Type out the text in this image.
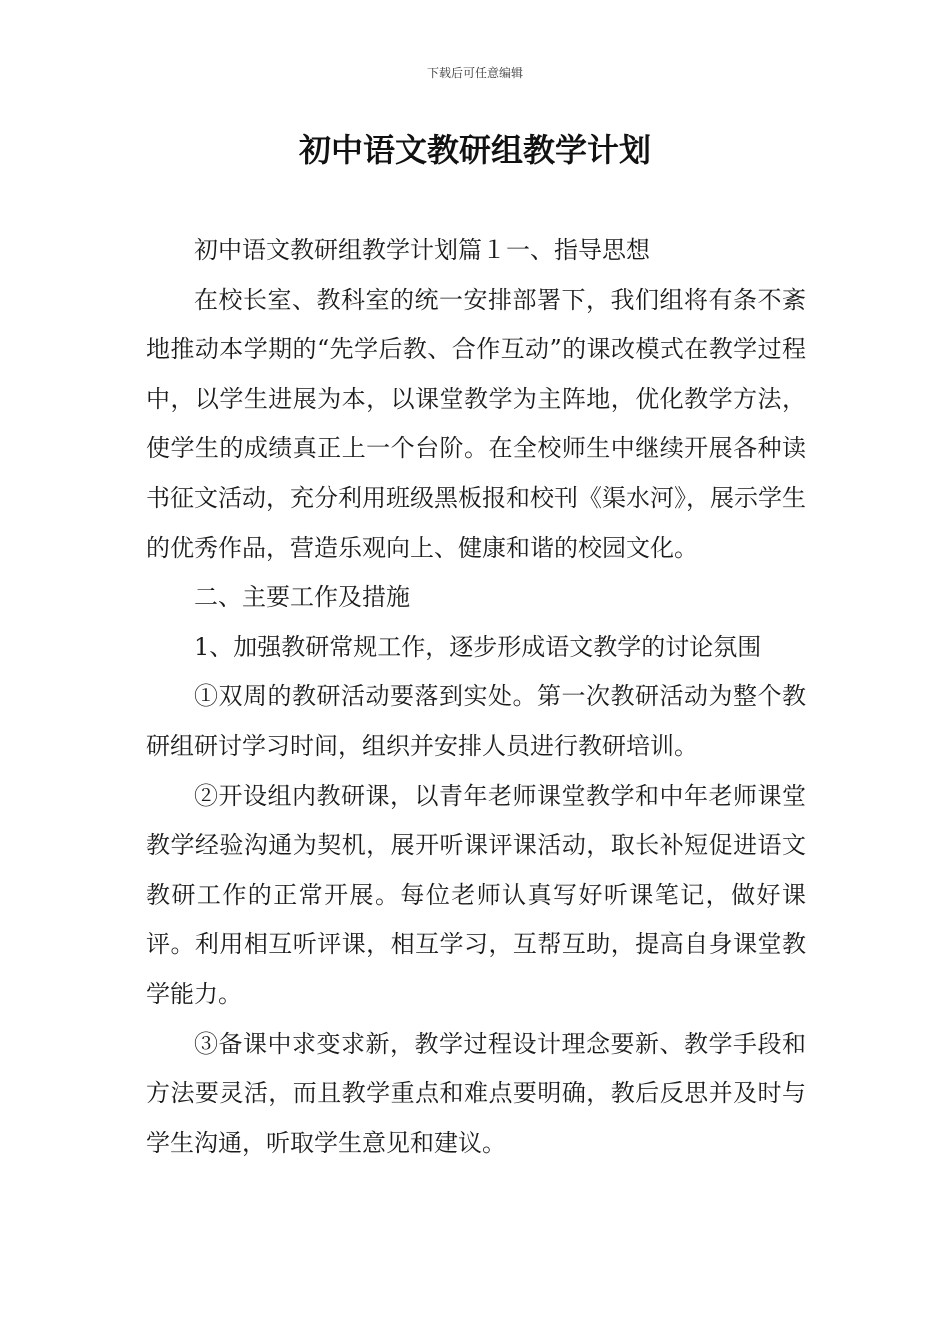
下载后可任意编辑
初中语文教研组教学计划

初中语文教研组教学计划篇１一、指导思想

在校长室、教科室的统一安排部署下，我们组将有条不紊地推动本学期的“先学后教、合作互动”的课改模式在教学过程中，以学生进展为本，以课堂教学为主阵地，优化教学方法，使学生的成绩真正上一个台阶。在全校师生中继续开展各种读书征文活动，充分利用班级黑板报和校刊《渠水河》，展示学生的优秀作品，营造乐观向上、健康和谐的校园文化。

二、主要工作及措施

1、加强教研常规工作，逐步形成语文教学的讨论氛围

①双周的教研活动要落到实处。第一次教研活动为整个教研组研讨学习时间，组织并安排人员进行教研培训。

②开设组内教研课，以青年老师课堂教学和中年老师课堂教学经验沟通为契机，展开听课评课活动，取长补短促进语文教研工作的正常开展。每位老师认真写好听课笔记，做好课评。利用相互听评课，相互学习，互帮互助，提高自身课堂教学能力。

③备课中求变求新，教学过程设计理念要新、教学手段和方法要灵活，而且教学重点和难点要明确，教后反思并及时与学生沟通，听取学生意见和建议。
